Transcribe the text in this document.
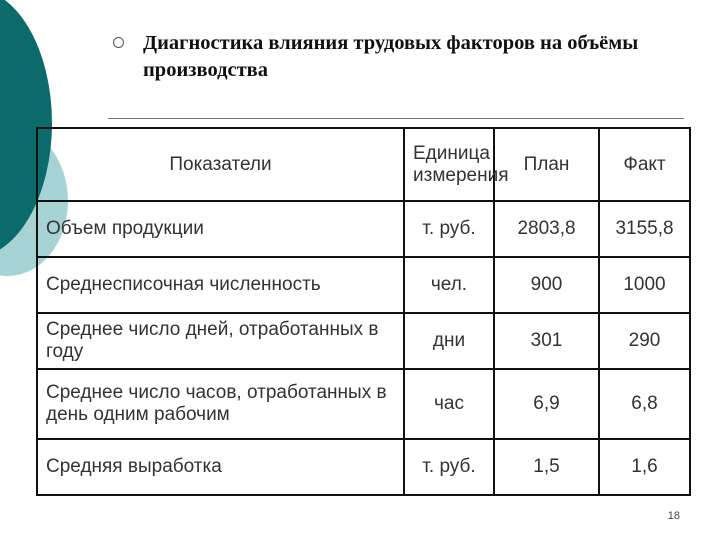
Диагностика влияния трудовых факторов на объёмы производства
Показатели	Единица измерения	План	Факт
Объем продукции	т. руб.	2803,8	3155,8
Среднесписочная численность	чел.	900	1000
Среднее число дней, отработанных в году	дни	301	290
Среднее число часов, отработанных в день одним рабочим	час	6,9	6,8
Средняя выработка	т. руб.	1,5	1,6
18
